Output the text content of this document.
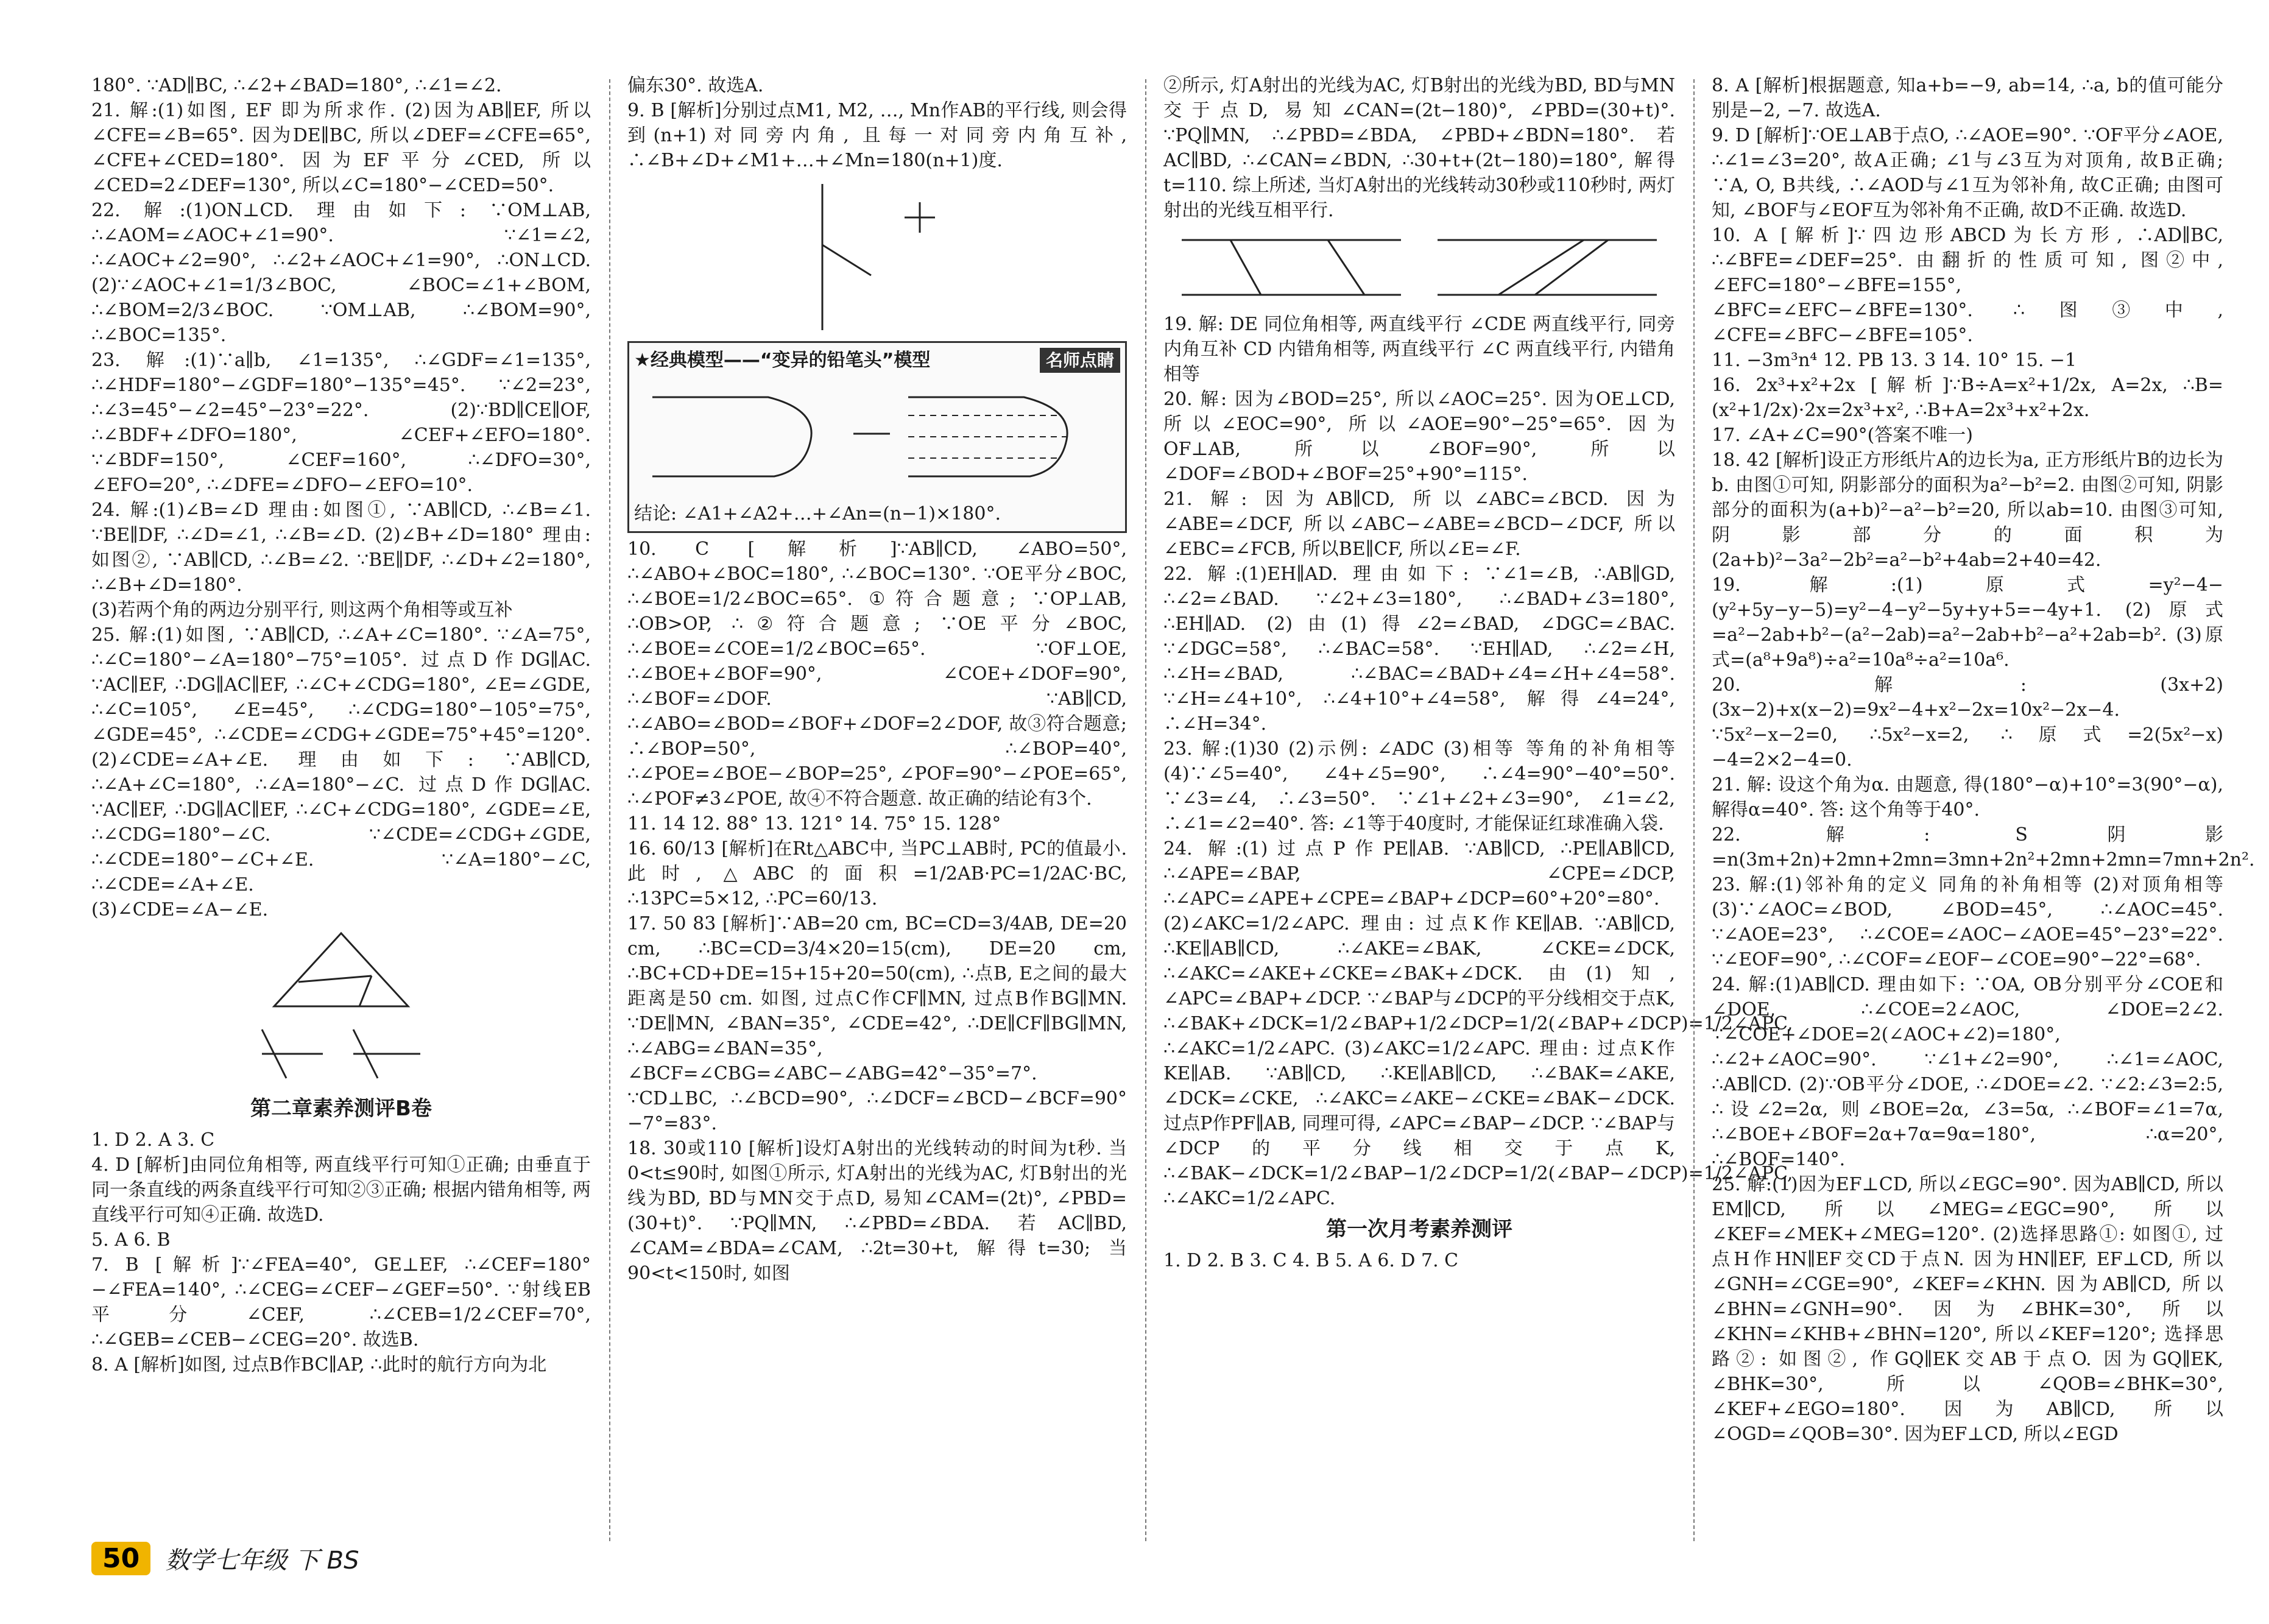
180°. ∵AD∥BC, ∴∠2+∠BAD=180°, ∴∠1=∠2.

21. 解:(1)如图, EF 即为所求作. (2)因为AB∥EF, 所以∠CFE=∠B=65°. 因为DE∥BC, 所以∠DEF=∠CFE=65°, ∠CFE+∠CED=180°. 因为EF平分∠CED, 所以∠CED=2∠DEF=130°, 所以∠C=180°−∠CED=50°.

22. 解:(1)ON⊥CD. 理由如下: ∵OM⊥AB, ∴∠AOM=∠AOC+∠1=90°. ∵∠1=∠2, ∴∠AOC+∠2=90°, ∴∠2+∠AOC+∠1=90°, ∴ON⊥CD. (2)∵∠AOC+∠1=1/3∠BOC, ∠BOC=∠1+∠BOM, ∴∠BOM=2/3∠BOC. ∵OM⊥AB, ∴∠BOM=90°, ∴∠BOC=135°.

23. 解:(1)∵a∥b, ∠1=135°, ∴∠GDF=∠1=135°, ∴∠HDF=180°−∠GDF=180°−135°=45°. ∵∠2=23°, ∴∠3=45°−∠2=45°−23°=22°. (2)∵BD∥CE∥OF, ∴∠BDF+∠DFO=180°, ∠CEF+∠EFO=180°. ∵∠BDF=150°, ∠CEF=160°, ∴∠DFO=30°, ∠EFO=20°, ∴∠DFE=∠DFO−∠EFO=10°.

24. 解:(1)∠B=∠D 理由:如图①, ∵AB∥CD, ∴∠B=∠1. ∵BE∥DF, ∴∠D=∠1, ∴∠B=∠D. (2)∠B+∠D=180° 理由:如图②, ∵AB∥CD, ∴∠B=∠2. ∵BE∥DF, ∴∠D+∠2=180°, ∴∠B+∠D=180°.

(3)若两个角的两边分别平行, 则这两个角相等或互补

25. 解:(1)如图, ∵AB∥CD, ∴∠A+∠C=180°. ∵∠A=75°, ∴∠C=180°−∠A=180°−75°=105°. 过点D作DG∥AC. ∵AC∥EF, ∴DG∥AC∥EF, ∴∠C+∠CDG=180°, ∠E=∠GDE, ∴∠C=105°, ∠E=45°, ∴∠CDG=180°−105°=75°, ∠GDE=45°, ∴∠CDE=∠CDG+∠GDE=75°+45°=120°. (2)∠CDE=∠A+∠E. 理由如下: ∵AB∥CD, ∴∠A+∠C=180°, ∴∠A=180°−∠C. 过点D作DG∥AC. ∵AC∥EF, ∴DG∥AC∥EF, ∴∠C+∠CDG=180°, ∠GDE=∠E, ∴∠CDG=180°−∠C. ∵∠CDE=∠CDG+∠GDE, ∴∠CDE=180°−∠C+∠E. ∵∠A=180°−∠C, ∴∠CDE=∠A+∠E.

(3)∠CDE=∠A−∠E.

第二章素养测评B卷

1. D 2. A 3. C

4. D [解析]由同位角相等, 两直线平行可知①正确; 由垂直于同一条直线的两条直线平行可知②③正确; 根据内错角相等, 两直线平行可知④正确. 故选D.

5. A 6. B

7. B [解析]∵∠FEA=40°, GE⊥EF, ∴∠CEF=180°−∠FEA=140°, ∴∠CEG=∠CEF−∠GEF=50°. ∵射线EB平分∠CEF, ∴∠CEB=1/2∠CEF=70°, ∴∠GEB=∠CEB−∠CEG=20°. 故选B.

8. A [解析]如图, 过点B作BC∥AP, ∴此时的航行方向为北

偏东30°. 故选A.

9. B [解析]分别过点M1, M2, …, Mn作AB的平行线, 则会得到(n+1)对同旁内角, 且每一对同旁内角互补, ∴∠B+∠D+∠M1+…+∠Mn=180(n+1)度.

★经典模型——“变异的铅笔头”模型	名师点睛

结论: ∠A1+∠A2+…+∠An=(n−1)×180°.

10. C [解析]∵AB∥CD, ∠ABO=50°, ∴∠ABO+∠BOC=180°, ∴∠BOC=130°. ∵OE平分∠BOC, ∴∠BOE=1/2∠BOC=65°. ①符合题意; ∵OP⊥AB, ∴OB>OP, ∴②符合题意; ∵OE平分∠BOC, ∴∠BOE=∠COE=1/2∠BOC=65°. ∵OF⊥OE, ∴∠BOE+∠BOF=90°, ∠COE+∠DOF=90°, ∴∠BOF=∠DOF. ∵AB∥CD, ∴∠ABO=∠BOD=∠BOF+∠DOF=2∠DOF, 故③符合题意; ∴∠BOP=50°, ∴∠BOP=40°, ∴∠POE=∠BOE−∠BOP=25°, ∠POF=90°−∠POE=65°, ∴∠POF≠3∠POE, 故④不符合题意. 故正确的结论有3个.

11. 14 12. 88° 13. 121° 14. 75° 15. 128°

16. 60/13 [解析]在Rt△ABC中, 当PC⊥AB时, PC的值最小. 此时, △ABC的面积=1/2AB·PC=1/2AC·BC, ∴13PC=5×12, ∴PC=60/13.

17. 50 83 [解析]∵AB=20 cm, BC=CD=3/4AB, DE=20 cm, ∴BC=CD=3/4×20=15(cm), DE=20 cm, ∴BC+CD+DE=15+15+20=50(cm), ∴点B, E之间的最大距离是50 cm. 如图, 过点C作CF∥MN, 过点B作BG∥MN. ∵DE∥MN, ∠BAN=35°, ∠CDE=42°, ∴DE∥CF∥BG∥MN, ∴∠ABG=∠BAN=35°, ∠BCF=∠CBG=∠ABC−∠ABG=42°−35°=7°. ∵CD⊥BC, ∴∠BCD=90°, ∴∠DCF=∠BCD−∠BCF=90°−7°=83°.

18. 30或110 [解析]设灯A射出的光线转动的时间为t秒. 当0<t≤90时, 如图①所示, 灯A射出的光线为AC, 灯B射出的光线为BD, BD与MN交于点D, 易知∠CAM=(2t)°, ∠PBD=(30+t)°. ∵PQ∥MN, ∴∠PBD=∠BDA. 若AC∥BD, ∠CAM=∠BDA=∠CAM, ∴2t=30+t, 解得t=30; 当90<t<150时, 如图

②所示, 灯A射出的光线为AC, 灯B射出的光线为BD, BD与MN交于点D, 易知∠CAN=(2t−180)°, ∠PBD=(30+t)°. ∵PQ∥MN, ∴∠PBD=∠BDA, ∠PBD+∠BDN=180°. 若AC∥BD, ∴∠CAN=∠BDN, ∴30+t+(2t−180)=180°, 解得t=110. 综上所述, 当灯A射出的光线转动30秒或110秒时, 两灯射出的光线互相平行.

19. 解: DE 同位角相等, 两直线平行 ∠CDE 两直线平行, 同旁内角互补 CD 内错角相等, 两直线平行 ∠C 两直线平行, 内错角相等

20. 解: 因为∠BOD=25°, 所以∠AOC=25°. 因为OE⊥CD, 所以∠EOC=90°, 所以∠AOE=90°−25°=65°. 因为OF⊥AB, 所以∠BOF=90°, 所以∠DOF=∠BOD+∠BOF=25°+90°=115°.

21. 解: 因为AB∥CD, 所以∠ABC=∠BCD. 因为∠ABE=∠DCF, 所以∠ABC−∠ABE=∠BCD−∠DCF, 所以∠EBC=∠FCB, 所以BE∥CF, 所以∠E=∠F.

22. 解:(1)EH∥AD. 理由如下: ∵∠1=∠B, ∴AB∥GD, ∴∠2=∠BAD. ∵∠2+∠3=180°, ∴∠BAD+∠3=180°, ∴EH∥AD. (2)由(1)得∠2=∠BAD, ∠DGC=∠BAC. ∵∠DGC=58°, ∴∠BAC=58°. ∵EH∥AD, ∴∠2=∠H, ∴∠H=∠BAD, ∴∠BAC=∠BAD+∠4=∠H+∠4=58°. ∵∠H=∠4+10°, ∴∠4+10°+∠4=58°, 解得∠4=24°, ∴∠H=34°.

23. 解:(1)30 (2)示例: ∠ADC (3)相等 等角的补角相等 (4)∵∠5=40°, ∠4+∠5=90°, ∴∠4=90°−40°=50°. ∵∠3=∠4, ∴∠3=50°. ∵∠1+∠2+∠3=90°, ∠1=∠2, ∴∠1=∠2=40°. 答: ∠1等于40度时, 才能保证红球准确入袋.

24. 解:(1)过点P作PE∥AB. ∵AB∥CD, ∴PE∥AB∥CD, ∴∠APE=∠BAP, ∠CPE=∠DCP, ∴∠APC=∠APE+∠CPE=∠BAP+∠DCP=60°+20°=80°.

(2)∠AKC=1/2∠APC. 理由: 过点K作KE∥AB. ∵AB∥CD, ∴KE∥AB∥CD, ∴∠AKE=∠BAK, ∠CKE=∠DCK, ∴∠AKC=∠AKE+∠CKE=∠BAK+∠DCK. 由(1)知, ∠APC=∠BAP+∠DCP. ∵∠BAP与∠DCP的平分线相交于点K, ∴∠BAK+∠DCK=1/2∠BAP+1/2∠DCP=1/2(∠BAP+∠DCP)=1/2∠APC, ∴∠AKC=1/2∠APC. (3)∠AKC=1/2∠APC. 理由: 过点K作KE∥AB. ∵AB∥CD, ∴KE∥AB∥CD, ∴∠BAK=∠AKE, ∠DCK=∠CKE, ∴∠AKC=∠AKE−∠CKE=∠BAK−∠DCK. 过点P作PF∥AB, 同理可得, ∠APC=∠BAP−∠DCP. ∵∠BAP与∠DCP的平分线相交于点K, ∴∠BAK−∠DCK=1/2∠BAP−1/2∠DCP=1/2(∠BAP−∠DCP)=1/2∠APC, ∴∠AKC=1/2∠APC.

第一次月考素养测评

1. D 2. B 3. C 4. B 5. A 6. D 7. C

8. A [解析]根据题意, 知a+b=−9, ab=14, ∴a, b的值可能分别是−2, −7. 故选A.

9. D [解析]∵OE⊥AB于点O, ∴∠AOE=90°. ∵OF平分∠AOE, ∴∠1=∠3=20°, 故A正确; ∠1与∠3互为对顶角, 故B正确; ∵A, O, B共线, ∴∠AOD与∠1互为邻补角, 故C正确; 由图可知, ∠BOF与∠EOF互为邻补角不正确, 故D不正确. 故选D.

10. A [解析]∵四边形ABCD为长方形, ∴AD∥BC, ∴∠BFE=∠DEF=25°. 由翻折的性质可知, 图②中, ∠EFC=180°−∠BFE=155°, ∠BFC=∠EFC−∠BFE=130°. ∴图③中, ∠CFE=∠BFC−∠BFE=105°.

11. −3m³n⁴ 12. PB 13. 3 14. 10° 15. −1

16. 2x³+x²+2x [解析]∵B÷A=x²+1/2x, A=2x, ∴B=(x²+1/2x)·2x=2x³+x², ∴B+A=2x³+x²+2x.

17. ∠A+∠C=90°(答案不唯一)

18. 42 [解析]设正方形纸片A的边长为a, 正方形纸片B的边长为b. 由图①可知, 阴影部分的面积为a²−b²=2. 由图②可知, 阴影部分的面积为(a+b)²−a²−b²=20, 所以ab=10. 由图③可知, 阴影部分的面积为(2a+b)²−3a²−2b²=a²−b²+4ab=2+40=42.

19. 解:(1)原式=y²−4−(y²+5y−y−5)=y²−4−y²−5y+y+5=−4y+1. (2)原式=a²−2ab+b²−(a²−2ab)=a²−2ab+b²−a²+2ab=b². (3)原式=(a⁸+9a⁸)÷a²=10a⁸÷a²=10a⁶.

20. 解: (3x+2)(3x−2)+x(x−2)=9x²−4+x²−2x=10x²−2x−4. ∵5x²−x−2=0, ∴5x²−x=2, ∴原式=2(5x²−x)−4=2×2−4=0.

21. 解: 设这个角为α. 由题意, 得(180°−α)+10°=3(90°−α), 解得α=40°. 答: 这个角等于40°.

22. 解: S阴影=n(3m+2n)+2mn+2mn=3mn+2n²+2mn+2mn=7mn+2n².

23. 解:(1)邻补角的定义 同角的补角相等 (2)对顶角相等 (3)∵∠AOC=∠BOD, ∠BOD=45°, ∴∠AOC=45°. ∵∠AOE=23°, ∴∠COE=∠AOC−∠AOE=45°−23°=22°. ∵∠EOF=90°, ∴∠COF=∠EOF−∠COE=90°−22°=68°.

24. 解:(1)AB∥CD. 理由如下: ∵OA, OB分别平分∠COE和∠DOE, ∴∠COE=2∠AOC, ∠DOE=2∠2. ∵∠COE+∠DOE=2(∠AOC+∠2)=180°, ∴∠2+∠AOC=90°. ∵∠1+∠2=90°, ∴∠1=∠AOC, ∴AB∥CD. (2)∵OB平分∠DOE, ∴∠DOE=∠2. ∵∠2:∠3=2:5, ∴设∠2=2α, 则∠BOE=2α, ∠3=5α, ∴∠BOF=∠1=7α, ∴∠BOE+∠BOF=2α+7α=9α=180°, ∴α=20°, ∴∠BOF=140°.

25. 解:(1)因为EF⊥CD, 所以∠EGC=90°. 因为AB∥CD, 所以EM∥CD, 所以∠MEG=∠EGC=90°, 所以∠KEF=∠MEK+∠MEG=120°. (2)选择思路①: 如图①, 过点H作HN∥EF交CD于点N. 因为HN∥EF, EF⊥CD, 所以∠GNH=∠CGE=90°, ∠KEF=∠KHN. 因为AB∥CD, 所以∠BHN=∠GNH=90°. 因为∠BHK=30°, 所以∠KHN=∠KHB+∠BHN=120°, 所以∠KEF=120°; 选择思路②: 如图②, 作GQ∥EK交AB于点O. 因为GQ∥EK, ∠BHK=30°, 所以∠QOB=∠BHK=30°, ∠KEF+∠EGO=180°. 因为AB∥CD, 所以∠OGD=∠QOB=30°. 因为EF⊥CD, 所以∠EGD

50	数学七年级 下 BS
